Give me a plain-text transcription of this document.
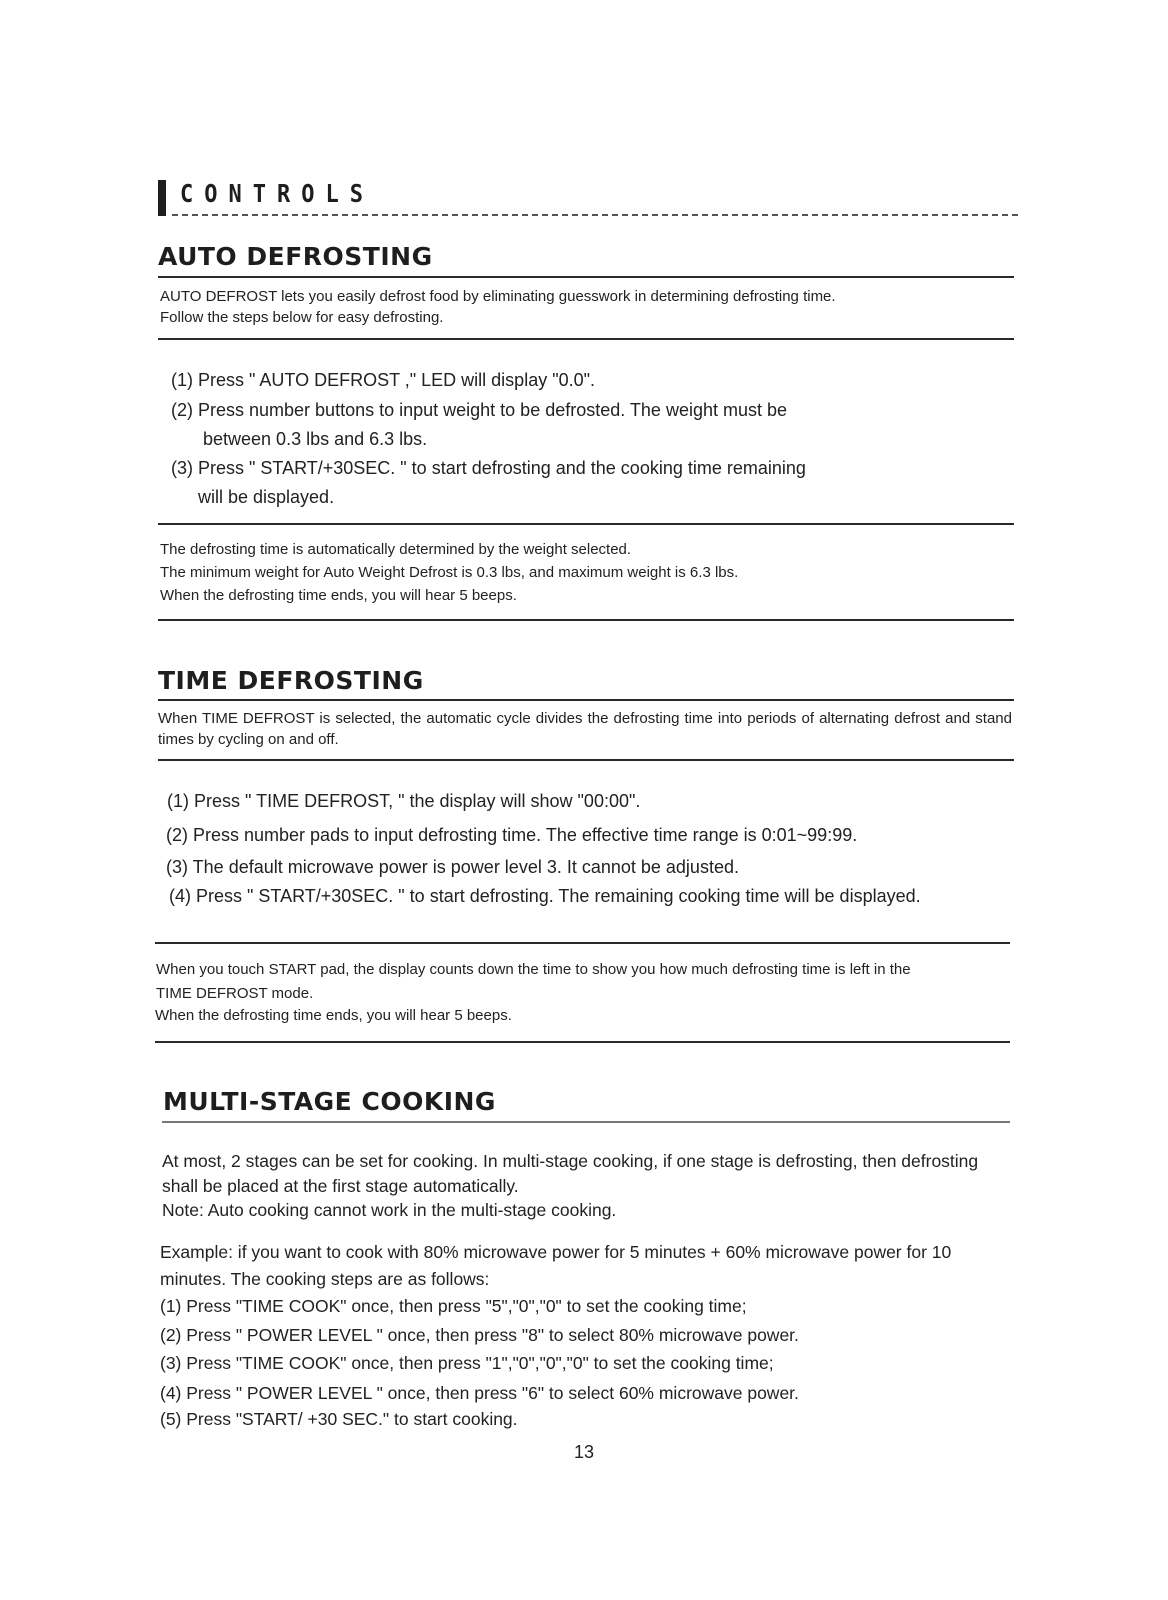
CONTROLS
AUTO DEFROSTING
AUTO DEFROST lets you easily defrost food by eliminating guesswork in determining defrosting time.
Follow the steps below for easy defrosting.
(1) Press " AUTO DEFROST ," LED will display "0.0".
(2) Press number buttons to input weight to be defrosted. The weight must be
between 0.3 lbs and 6.3 lbs.
(3) Press " START/+30SEC. " to start defrosting and the cooking time remaining
will be displayed.
The defrosting time is automatically determined by the weight selected.
The minimum weight for Auto Weight Defrost is 0.3 lbs, and maximum weight is 6.3 lbs.
When the defrosting time ends, you will hear 5 beeps.
TIME DEFROSTING
When TIME DEFROST is selected, the automatic cycle divides the defrosting time into periods of alternating defrost and stand times by cycling on and off.
(1) Press " TIME DEFROST, " the display will show "00:00".
(2) Press number pads to input defrosting time. The effective time range is 0:01~99:99.
(3) The default microwave power is power level 3. It cannot be adjusted.
(4) Press " START/+30SEC. " to start defrosting. The remaining cooking time will be displayed.
When you touch START pad, the display counts down the time to show you how much defrosting time is left in the
TIME DEFROST mode.
When the defrosting time ends, you will hear 5 beeps.
MULTI-STAGE COOKING
At most, 2 stages can be set for cooking. In multi-stage cooking, if one stage is defrosting, then defrosting
shall be placed at the first stage automatically.
Note: Auto cooking cannot work in the multi-stage cooking.
Example: if you want to cook with 80% microwave power for 5 minutes + 60% microwave power for 10
minutes. The cooking steps are as follows:
(1) Press "TIME COOK" once, then press "5","0","0" to set the cooking time;
(2) Press " POWER LEVEL " once, then press "8" to select 80% microwave power.
(3) Press "TIME COOK" once, then press "1","0","0","0" to set the cooking time;
(4) Press " POWER LEVEL " once, then press "6" to select 60% microwave power.
(5) Press "START/ +30 SEC." to start cooking.
13
